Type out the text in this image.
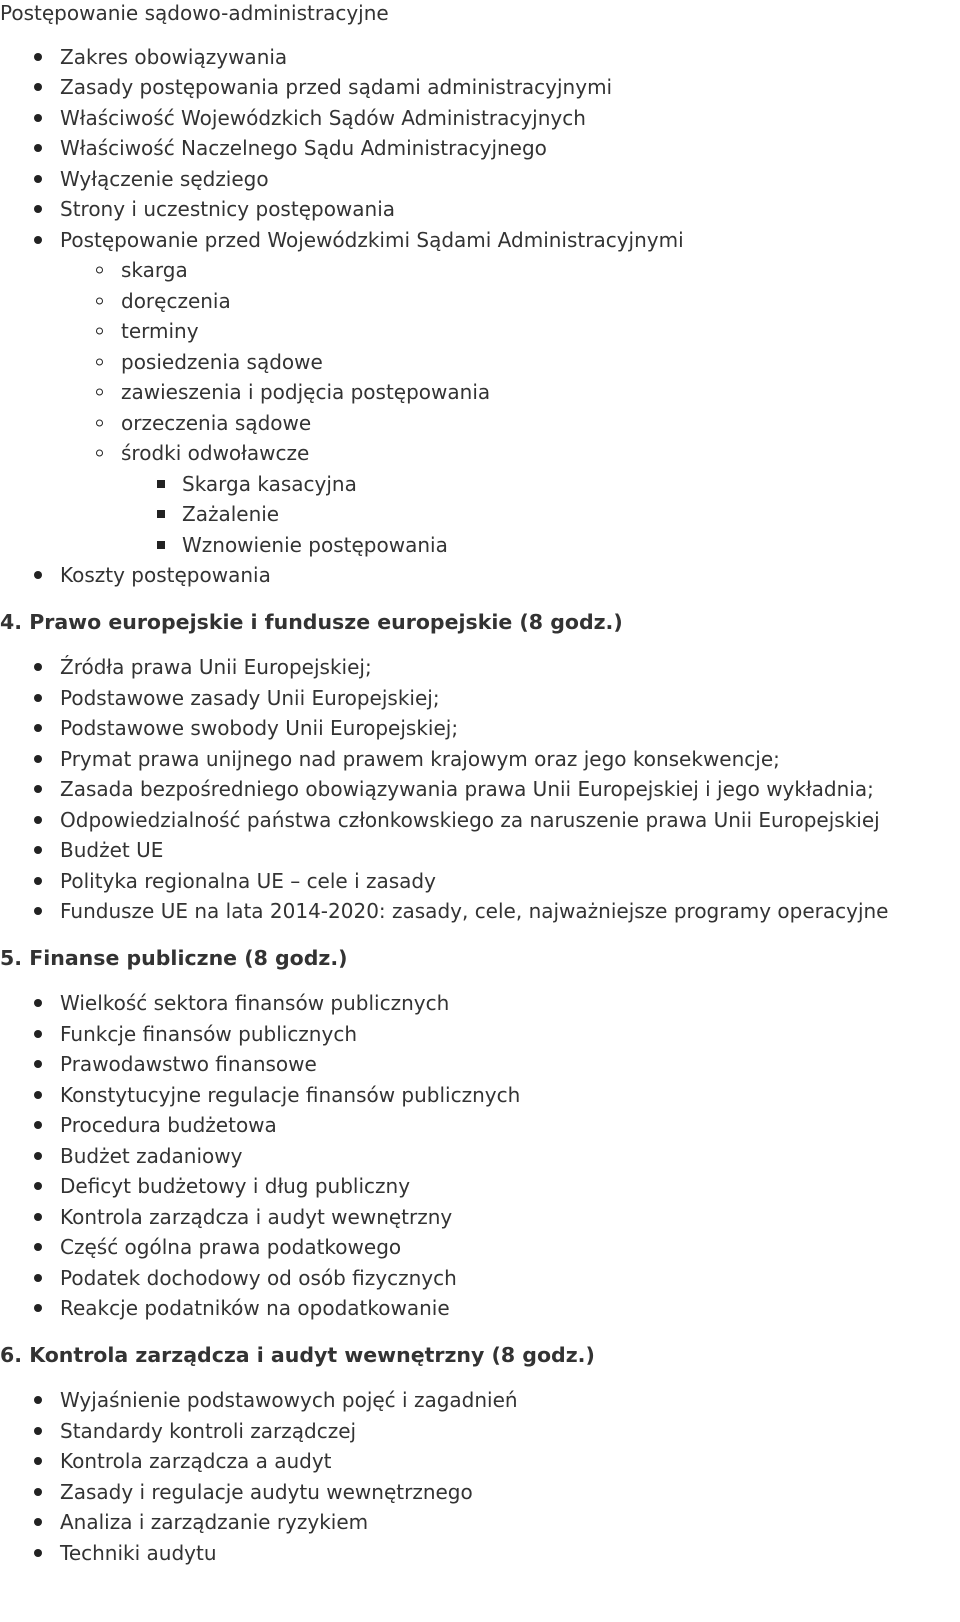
Postępowanie sądowo-administracyjne
Zakres obowiązywania
Zasady postępowania przed sądami administracyjnymi
Właściwość Wojewódzkich Sądów Administracyjnych
Właściwość Naczelnego Sądu Administracyjnego
Wyłączenie sędziego
Strony i uczestnicy postępowania
Postępowanie przed Wojewódzkimi Sądami Administracyjnymi
skarga
doręczenia
terminy
posiedzenia sądowe
zawieszenia i podjęcia postępowania
orzeczenia sądowe
środki odwoławcze
Skarga kasacyjna
Zażalenie
Wznowienie postępowania
Koszty postępowania
4. Prawo europejskie i fundusze europejskie (8 godz.)
Źródła prawa Unii Europejskiej;
Podstawowe zasady Unii Europejskiej;
Podstawowe swobody Unii Europejskiej;
Prymat prawa unijnego nad prawem krajowym oraz jego konsekwencje;
Zasada bezpośredniego obowiązywania prawa Unii Europejskiej i jego wykładnia;
Odpowiedzialność państwa członkowskiego za naruszenie prawa Unii Europejskiej
Budżet UE
Polityka regionalna UE – cele i zasady
Fundusze UE na lata 2014-2020: zasady, cele, najważniejsze programy operacyjne
5. Finanse publiczne (8 godz.)
Wielkość sektora finansów publicznych
Funkcje finansów publicznych
Prawodawstwo finansowe
Konstytucyjne regulacje finansów publicznych
Procedura budżetowa
Budżet zadaniowy
Deficyt budżetowy i dług publiczny
Kontrola zarządcza i audyt wewnętrzny
Część ogólna prawa podatkowego
Podatek dochodowy od osób fizycznych
Reakcje podatników na opodatkowanie
6. Kontrola zarządcza i audyt wewnętrzny (8 godz.)
Wyjaśnienie podstawowych pojęć i zagadnień
Standardy kontroli zarządczej
Kontrola zarządcza a audyt
Zasady i regulacje audytu wewnętrznego
Analiza i zarządzanie ryzykiem
Techniki audytu
